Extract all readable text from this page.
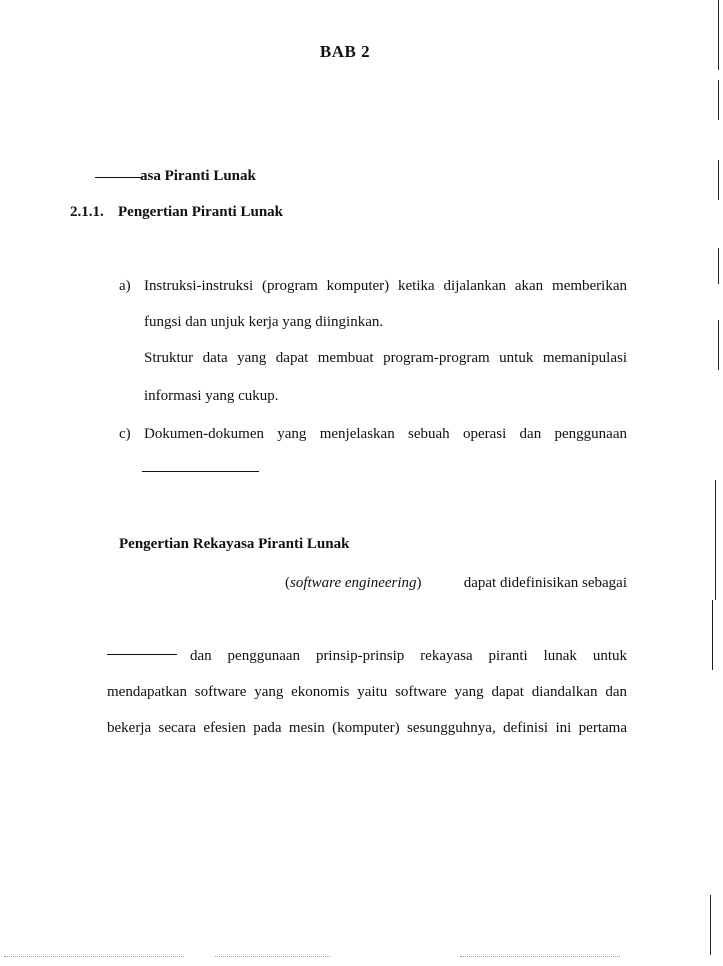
BAB 2
asa Piranti Lunak
2.1.1. Pengertian Piranti Lunak
a) Instruksi-instruksi (program komputer) ketika dijalankan akan memberikan
fungsi dan unjuk kerja yang diinginkan.
Struktur data yang dapat membuat program-program untuk memanipulasi
informasi yang cukup.
c) Dokumen-dokumen yang menjelaskan sebuah operasi dan penggunaan
Pengertian Rekayasa Piranti Lunak
(software engineering)	dapat didefinisikan sebagai
dan penggunaan prinsip-prinsip rekayasa piranti lunak untuk
mendapatkan software yang ekonomis yaitu software yang dapat diandalkan dan
bekerja secara efesien pada mesin (komputer) sesungguhnya, definisi ini pertama
